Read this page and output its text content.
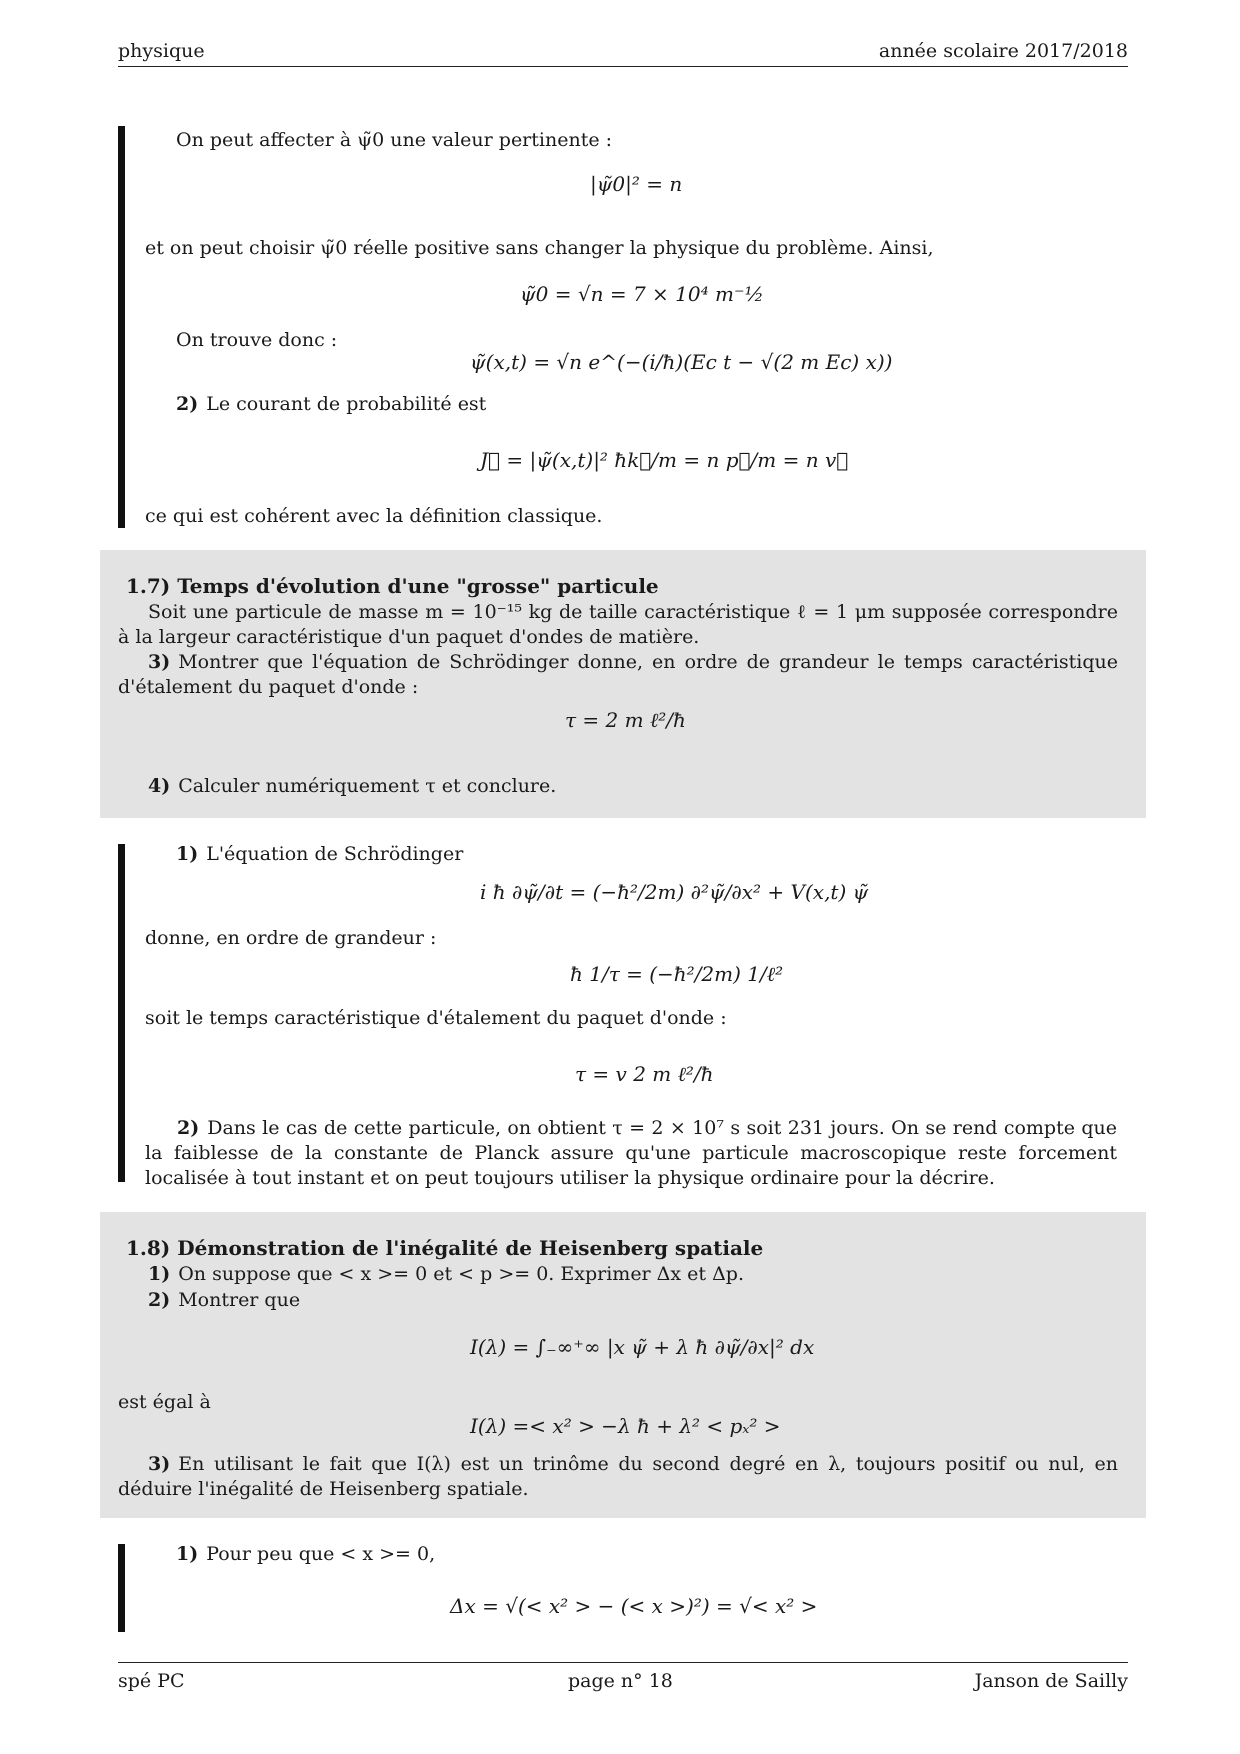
physique	année scolaire 2017/2018
On peut affecter à ψ̃0 une valeur pertinente :
|ψ̃0|² = n
et on peut choisir ψ̃0 réelle positive sans changer la physique du problème. Ainsi,
ψ̃0 = √n = 7 × 10⁴ m⁻½
On trouve donc :
ψ̃(x,t) = √n e^(−(i/ħ)(Ec t − √(2 m Ec) x))
2) Le courant de probabilité est
J⃗ = |ψ̃(x,t)|² ħk⃗/m = n p⃗/m = n v⃗
ce qui est cohérent avec la définition classique.
1.7) Temps d'évolution d'une "grosse" particule
Soit une particule de masse m = 10⁻¹⁵ kg de taille caractéristique ℓ = 1 μm supposée correspondre à la largeur caractéristique d'un paquet d'ondes de matière.
3) Montrer que l'équation de Schrödinger donne, en ordre de grandeur le temps caractéristique d'étalement du paquet d'onde :
τ = 2 m ℓ²/ħ
4) Calculer numériquement τ et conclure.
1) L'équation de Schrödinger
i ħ ∂ψ̃/∂t = (−ħ²/2m) ∂²ψ̃/∂x² + V(x,t) ψ̃
donne, en ordre de grandeur :
ħ 1/τ = (−ħ²/2m) 1/ℓ²
soit le temps caractéristique d'étalement du paquet d'onde :
τ = v 2 m ℓ²/ħ
2) Dans le cas de cette particule, on obtient τ = 2 × 10⁷ s soit 231 jours. On se rend compte que la faiblesse de la constante de Planck assure qu'une particule macroscopique reste forcement localisée à tout instant et on peut toujours utiliser la physique ordinaire pour la décrire.
1.8) Démonstration de l'inégalité de Heisenberg spatiale
1) On suppose que < x >= 0 et < p >= 0. Exprimer Δx et Δp.
2) Montrer que
I(λ) = ∫₋∞⁺∞ |x ψ̃ + λ ħ ∂ψ̃/∂x|² dx
est égal à
I(λ) =< x² > −λ ħ + λ² < pₓ² >
3) En utilisant le fait que I(λ) est un trinôme du second degré en λ, toujours positif ou nul, en déduire l'inégalité de Heisenberg spatiale.
1) Pour peu que < x >= 0,
Δx = √(< x² > − (< x >)²) = √< x² >
spé PC	page n° 18	Janson de Sailly
